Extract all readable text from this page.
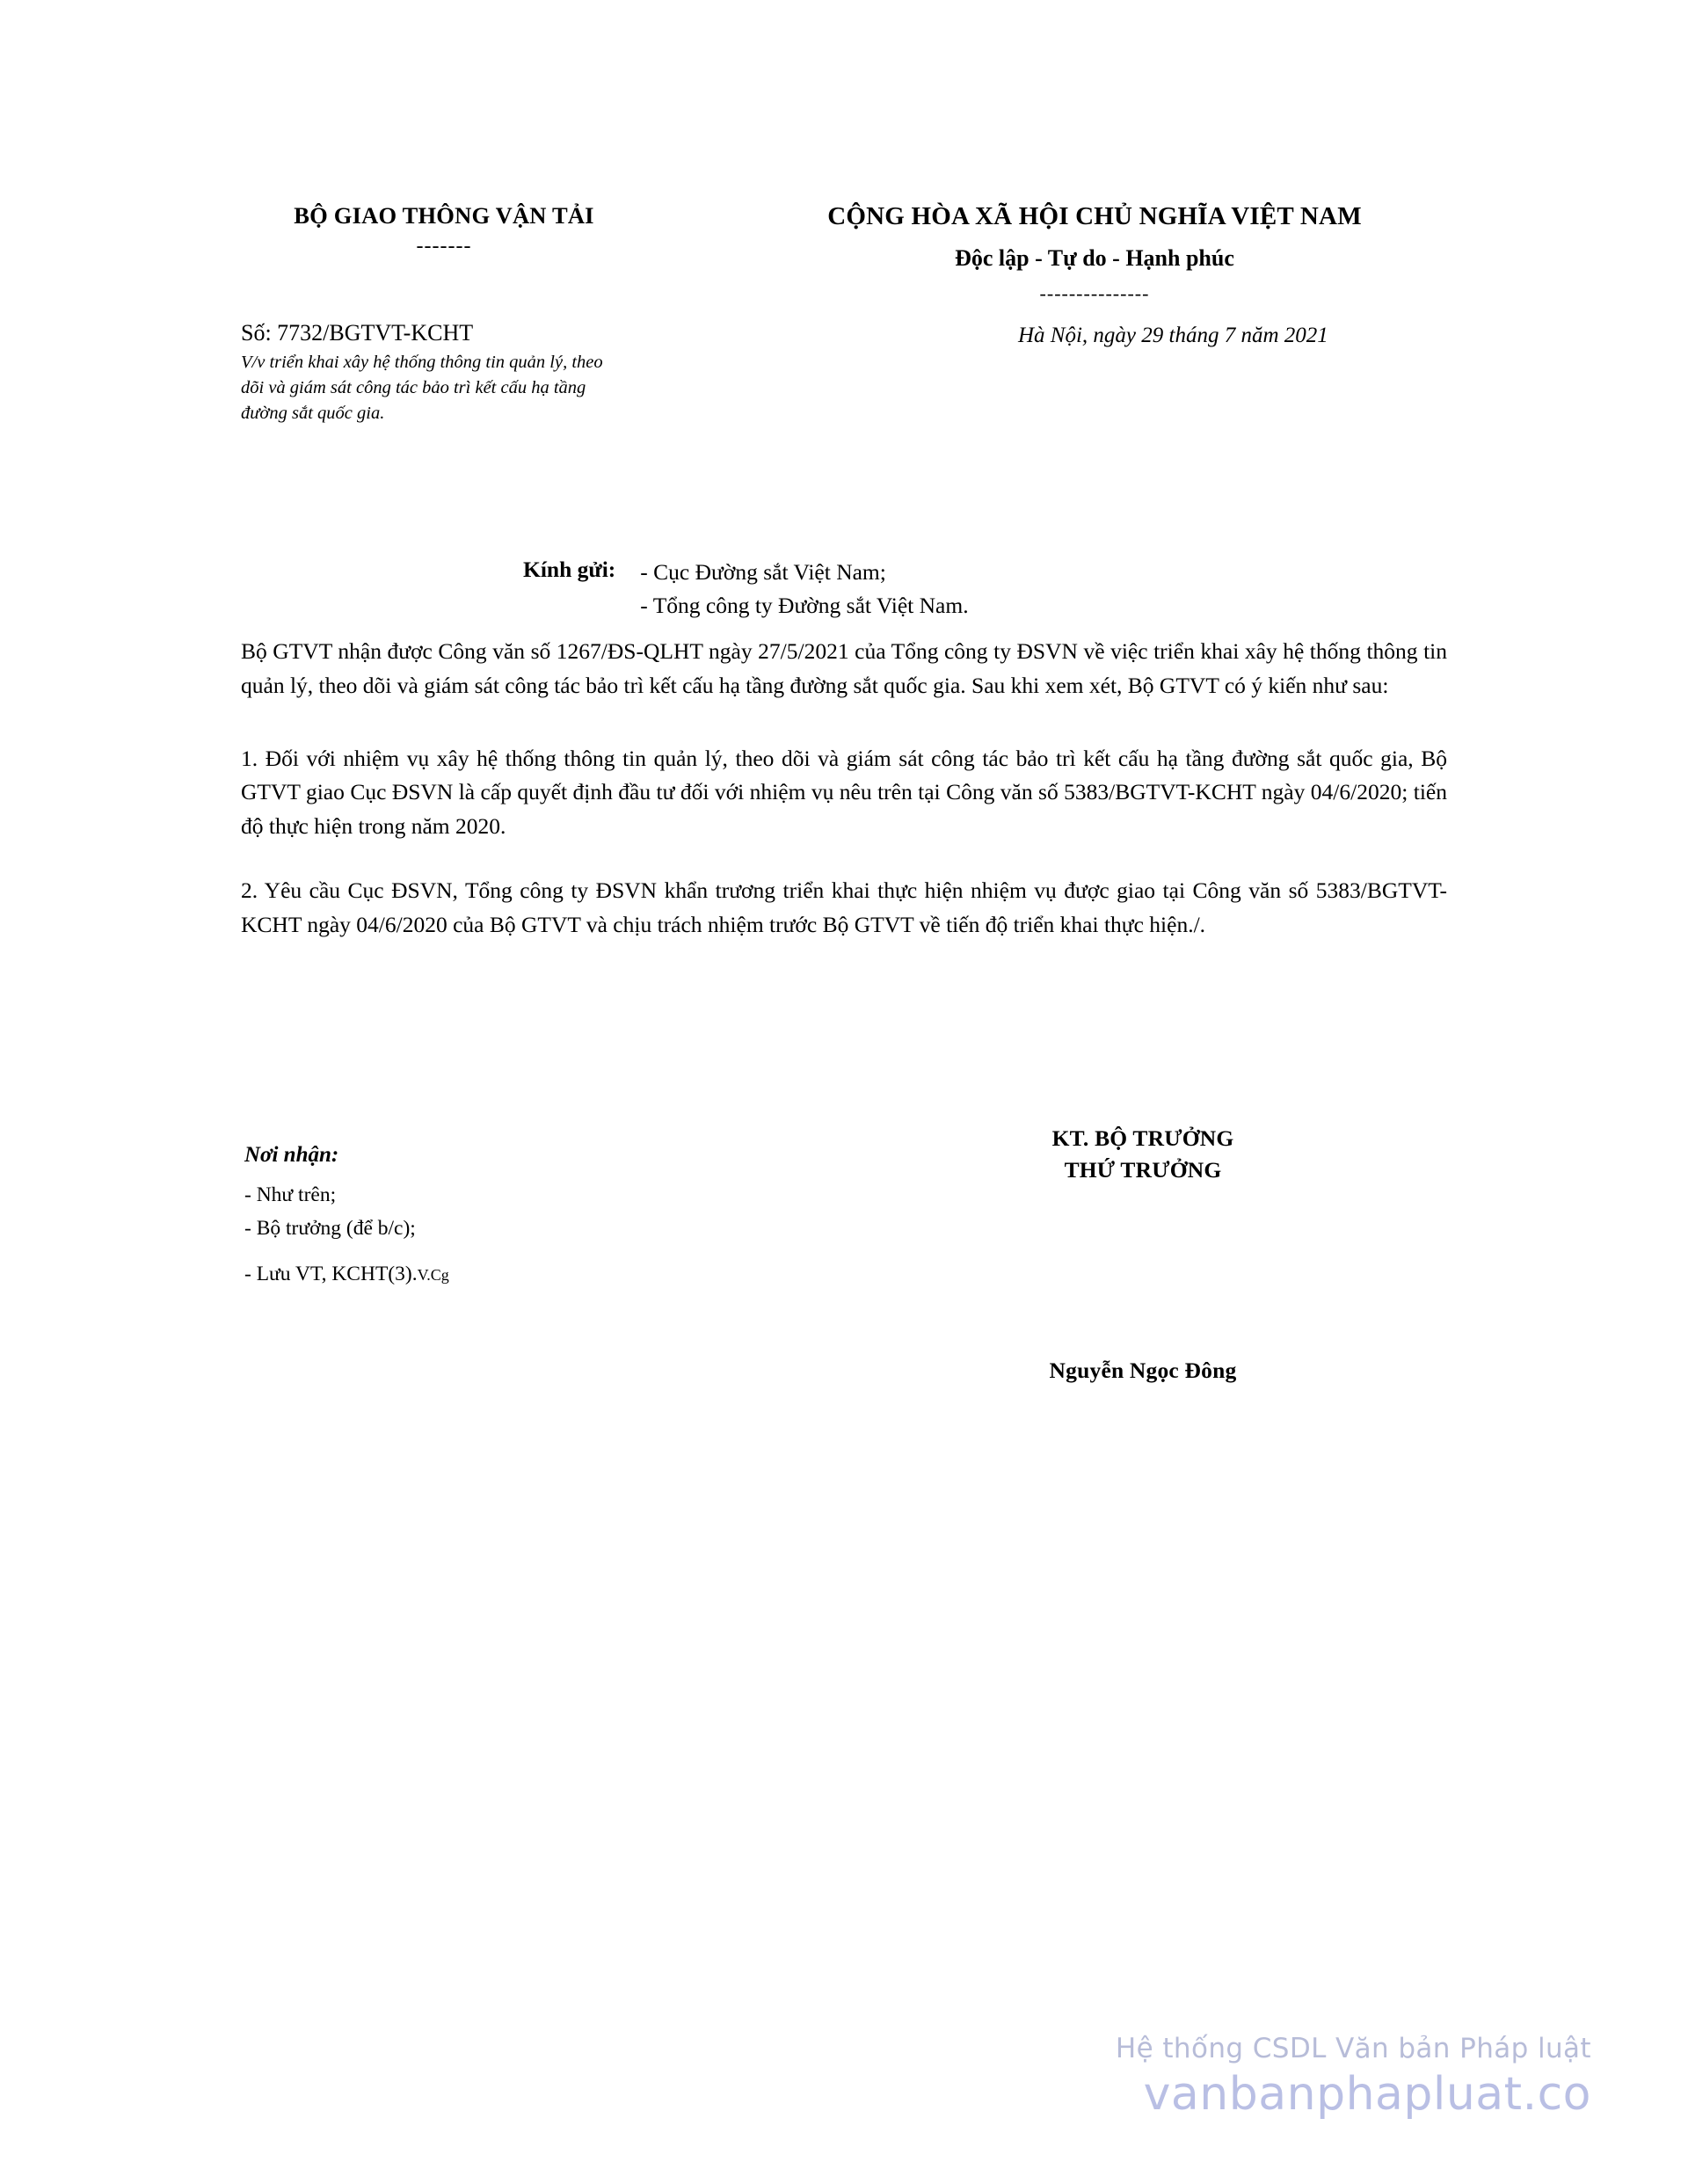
BỘ GIAO THÔNG VẬN TẢI
-------
CỘNG HÒA XÃ HỘI CHỦ NGHĨA VIỆT NAM
Độc lập - Tự do - Hạnh phúc
---------------
Số: 7732/BGTVT-KCHT
V/v triển khai xây hệ thống thông tin quản lý, theo dõi và giám sát công tác bảo trì kết cấu hạ tầng đường sắt quốc gia.
Hà Nội, ngày 29 tháng 7 năm 2021
Kính gửi: - Cục Đường sắt Việt Nam;
- Tổng công ty Đường sắt Việt Nam.

Bộ GTVT nhận được Công văn số 1267/ĐS-QLHT ngày 27/5/2021 của Tổng công ty ĐSVN về việc triển khai xây hệ thống thông tin quản lý, theo dõi và giám sát công tác bảo trì kết cấu hạ tầng đường sắt quốc gia. Sau khi xem xét, Bộ GTVT có ý kiến như sau:

1. Đối với nhiệm vụ xây hệ thống thông tin quản lý, theo dõi và giám sát công tác bảo trì kết cấu hạ tầng đường sắt quốc gia, Bộ GTVT giao Cục ĐSVN là cấp quyết định đầu tư đối với nhiệm vụ nêu trên tại Công văn số 5383/BGTVT-KCHT ngày 04/6/2020; tiến độ thực hiện trong năm 2020.

2. Yêu cầu Cục ĐSVN, Tổng công ty ĐSVN khẩn trương triển khai thực hiện nhiệm vụ được giao tại Công văn số 5383/BGTVT-KCHT ngày 04/6/2020 của Bộ GTVT và chịu trách nhiệm trước Bộ GTVT về tiến độ triển khai thực hiện./.

KT. BỘ TRƯỞNG
THỨ TRƯỞNG
Nguyễn Ngọc Đông
Nơi nhận:
- Như trên;
- Bộ trưởng (để b/c);
- Lưu VT, KCHT(3).V.Cg
Hệ thống CSDL Văn bản Pháp luật
vanbanphapluat.co
